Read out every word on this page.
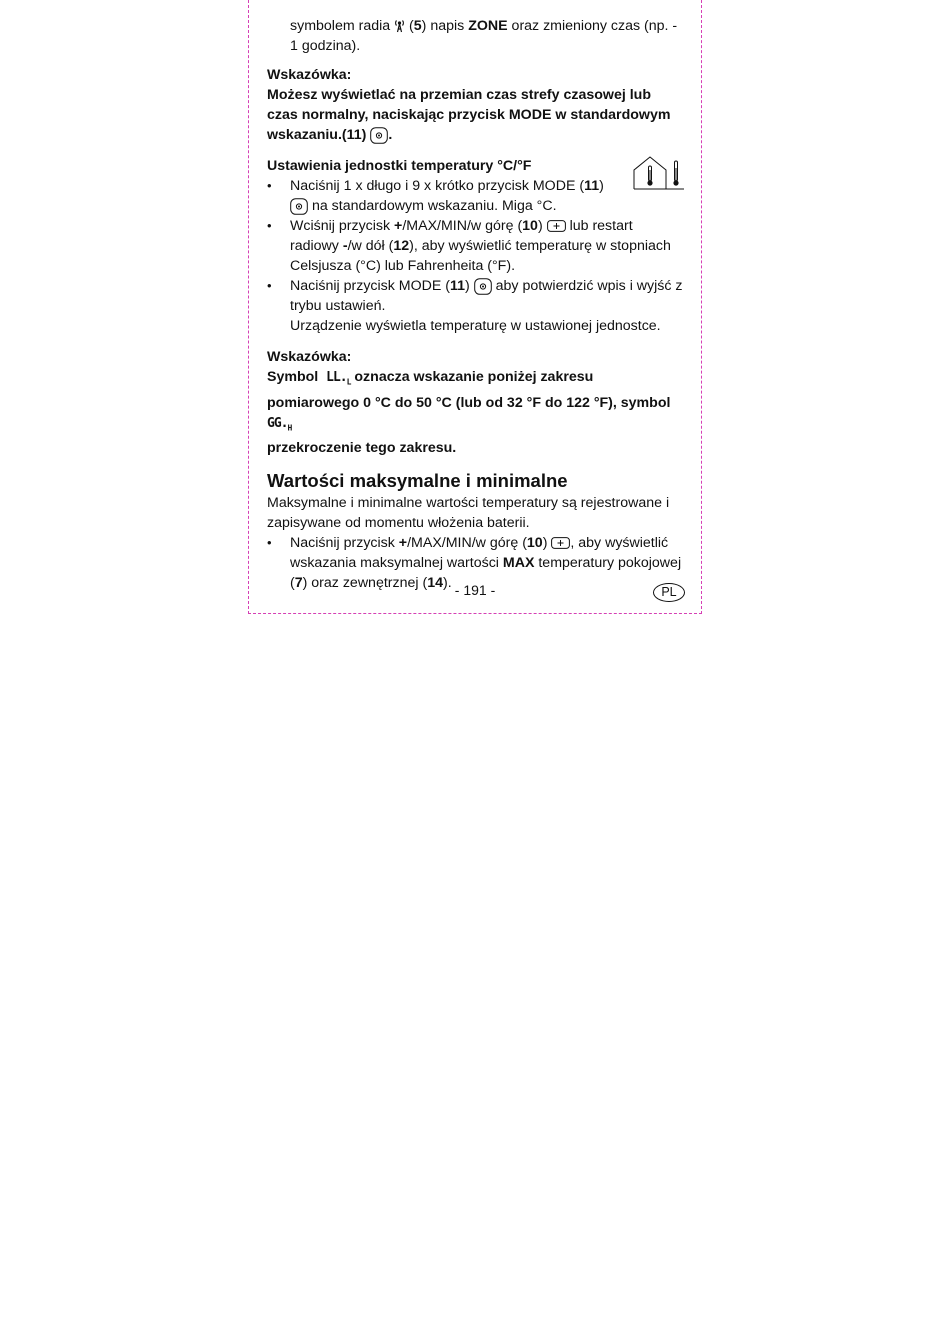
symbolem radia
(5) napis ZONE oraz zmieniony czas (np. -
1 godzina).

Wskazówka:

Możesz wyświetlać na przemian czas strefy czasowej lub czas normalny, naciskając przycisk MODE w standardowym wskazaniu.(11)
.

Ustawienia jednostki temperatury °C/°F

• Naciśnij 1 x długo i 9 x krótko przycisk MODE (11)

na standardowym wskazaniu. Miga °C.

• Wciśnij przycisk +/MAX/MIN/w górę (10)
lub restart radiowy -/w dół (12), aby wyświetlić temperaturę w stopniach Celsjusza (°C) lub Fahrenheita (°F).

• Naciśnij przycisk MODE (11)
aby potwierdzić wpis i wyjść z trybu ustawień.
Urządzenie wyświetla temperaturę w ustawionej jednostce.

Wskazówka:

Symbol  $LL._L$ oznacza wskazanie poniżej zakresu pomiarowego 0 °C do 50 °C (lub od 32 °F do 122 °F), symbol $GG._H$
przekroczenie tego zakresu.

Wartości maksymalne i minimalne

Maksymalne i minimalne wartości temperatury są rejestrowane i zapisywane od momentu włożenia baterii.

• Naciśnij przycisk +/MAX/MIN/w górę (10)
, aby wyświetlić wskazania maksymalnej wartości MAX temperatury pokojowej (7) oraz zewnętrznej (14). - 191 -	PL
